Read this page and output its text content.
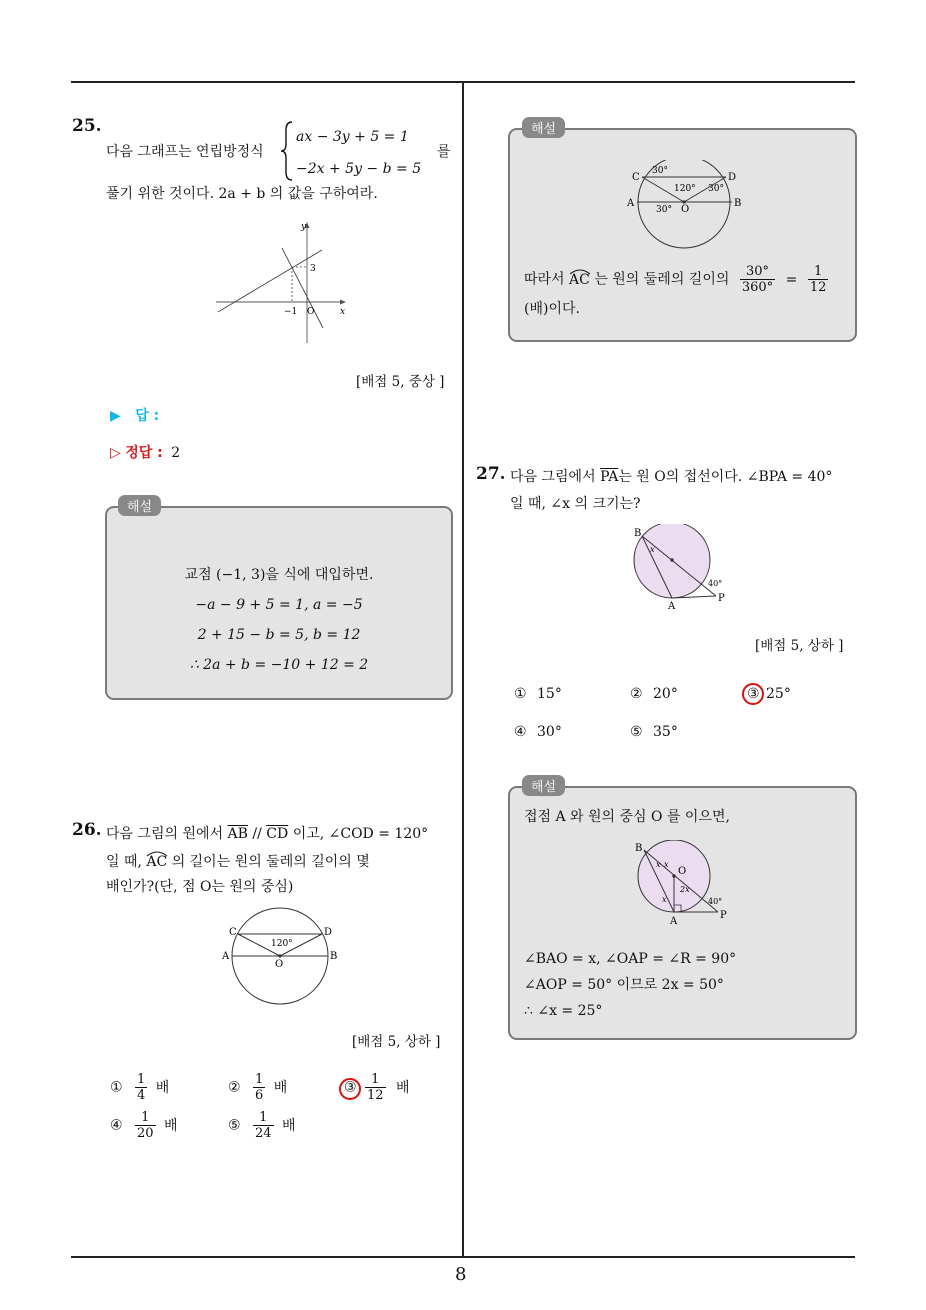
8
25.
다음 그래프는 연립방정식
ax − 3y + 5 = 1
−2x + 5y − b = 5
를
풀기 위한 것이다. 2a + b 의 값을 구하여라.
y
x
O
−1
3
[배점 5, 중상 ]
▶ 답 :
▷ 정답 : 2
교점 (−1, 3)을 식에 대입하면.
−a − 9 + 5 = 1, a = −5
2 + 15 − b = 5, b = 12
∴ 2a + b = −10 + 12 = 2
해설
26. 다음 그림의 원에서 $\overline{AB} // \overline{CD}$ 이고, ∠COD = 120°
일 때, AC 의 길이는 원의 둘레의 길이의 몇
배인가?(단, 점 O는 원의 중심)
C	D
A	B
O
120°
[배점 5, 상하 ]
① $\frac{1}{4}$ 배	② $\frac{1}{6}$ 배	③ $\frac{1}{12}$ 배
④ $\frac{1}{20}$ 배	⑤ $\frac{1}{24}$ 배
C	D
A	B
O
30°
120° 30°
30°
따라서 AC 는 원의 둘레의 길이의 $\frac{30^\circ}{360^\circ} = \frac{1}{12}$
(배)이다.
해설
27. 다음 그림에서 $\overline{PA}$는 원 O의 접선이다. ∠BPA = 40°
일 때, ∠x 의 크기는?
B
A
P
x
40°
[배점 5, 상하 ]
① 15°	② 20°	③ 25°
④ 30°	⑤ 35°
접점 A 와 원의 중심 O 를 이으면,
B
O
A
P
x x
x
2x
40°
∠BAO = x, ∠OAP = ∠R = 90°
∠AOP = 50° 이므로 2x = 50°
∴ ∠x = 25°
해설
